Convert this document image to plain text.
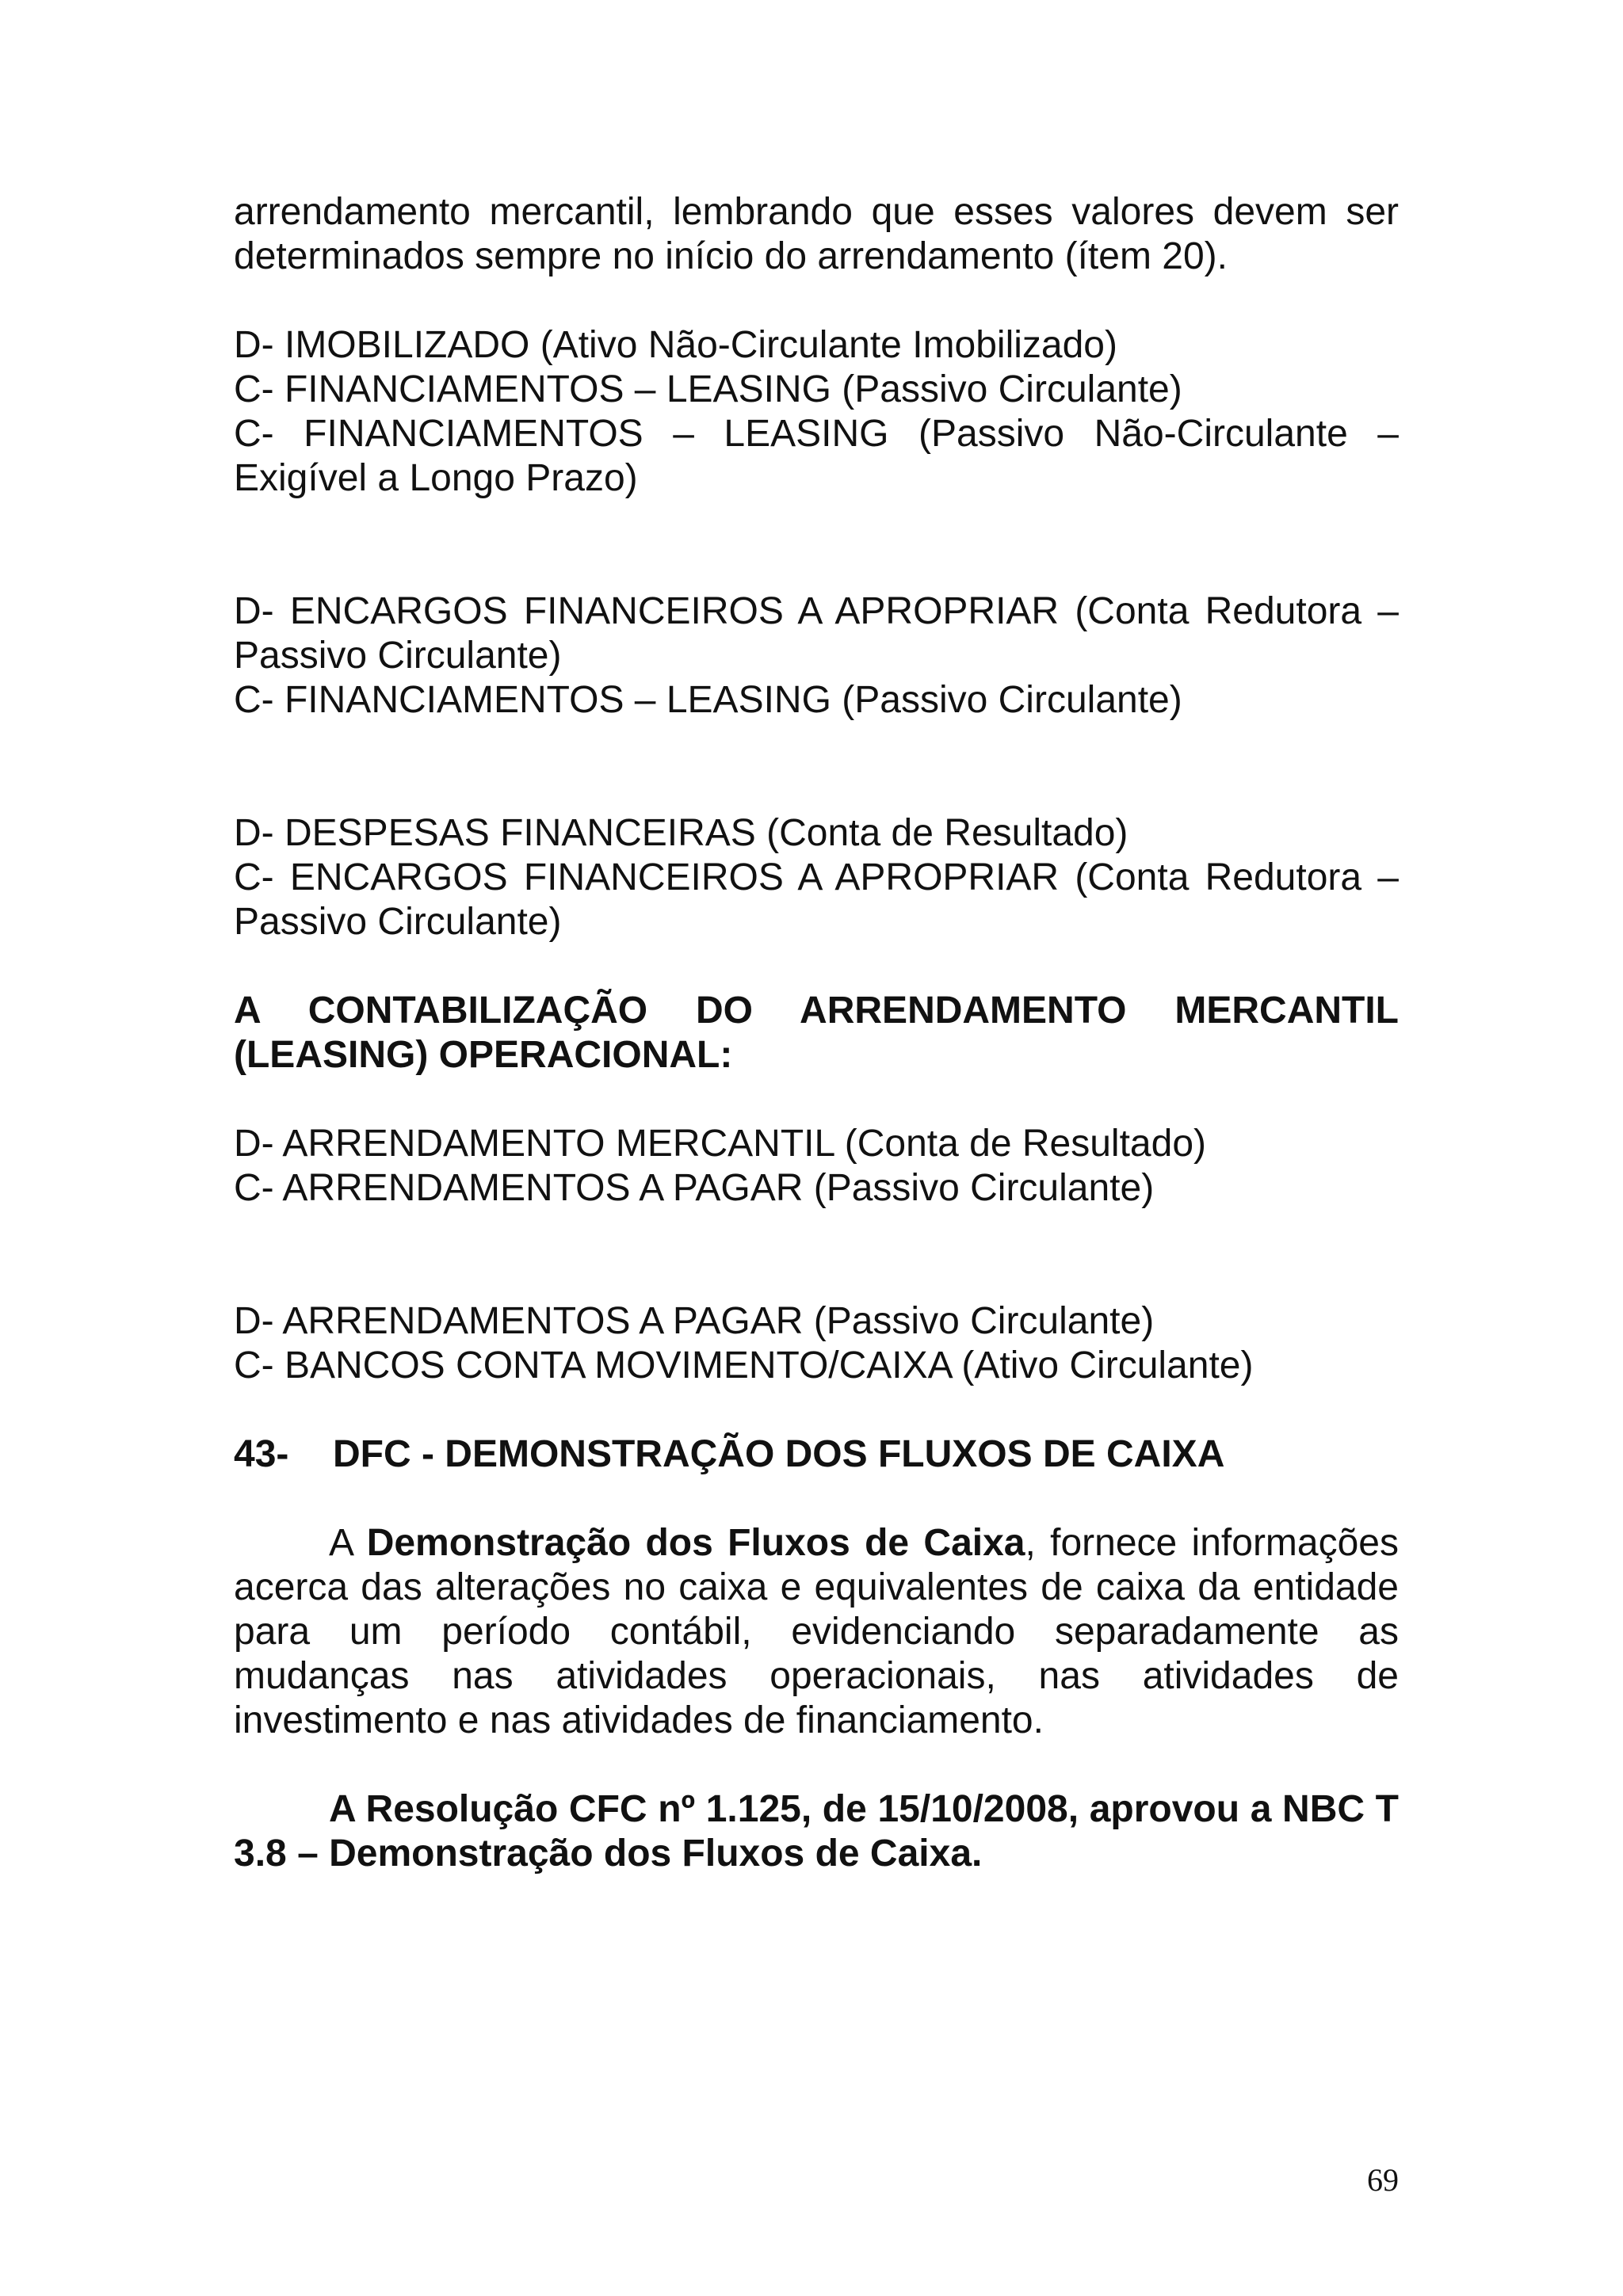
arrendamento mercantil, lembrando que esses valores devem ser

determinados sempre no início do arrendamento (ítem 20).

D- IMOBILIZADO (Ativo Não-Circulante Imobilizado)

C- FINANCIAMENTOS – LEASING (Passivo Circulante)

C- FINANCIAMENTOS – LEASING (Passivo Não-Circulante –

Exigível a Longo Prazo)

D- ENCARGOS FINANCEIROS A APROPRIAR (Conta Redutora –

Passivo Circulante)

C- FINANCIAMENTOS – LEASING (Passivo Circulante)

D- DESPESAS FINANCEIRAS (Conta de Resultado)

C- ENCARGOS FINANCEIROS A APROPRIAR (Conta Redutora –

Passivo Circulante)

A CONTABILIZAÇÃO DO ARRENDAMENTO MERCANTIL

(LEASING) OPERACIONAL:

D- ARRENDAMENTO MERCANTIL (Conta de Resultado)

C- ARRENDAMENTOS A PAGAR (Passivo Circulante)

D- ARRENDAMENTOS A PAGAR (Passivo Circulante)

C- BANCOS CONTA MOVIMENTO/CAIXA (Ativo Circulante)

43- DFC - DEMONSTRAÇÃO DOS FLUXOS DE CAIXA

A Demonstração dos Fluxos de Caixa, fornece informações acerca das alterações no caixa e equivalentes de caixa da entidade para um período contábil, evidenciando separadamente as mudanças nas atividades operacionais, nas atividades de investimento e nas atividades de financiamento.

A Resolução CFC nº 1.125, de 15/10/2008, aprovou a NBC T 3.8 – Demonstração dos Fluxos de Caixa.

69
